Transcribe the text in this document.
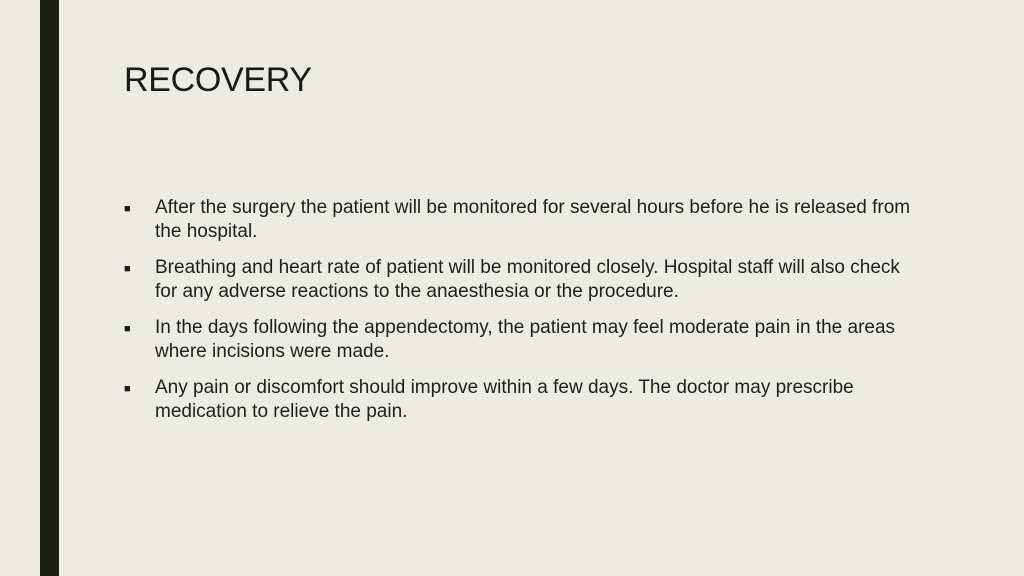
RECOVERY
■	After the surgery the patient will be monitored for several hours before he is released from the hospital.
■	Breathing and heart rate of patient will be monitored closely. Hospital staff will also check for any adverse reactions to the anaesthesia or the procedure.
■	In the days following the appendectomy, the patient may feel moderate pain in the areas where incisions were made.
■	Any pain or discomfort should improve within a few days. The doctor may prescribe medication to relieve the pain.
